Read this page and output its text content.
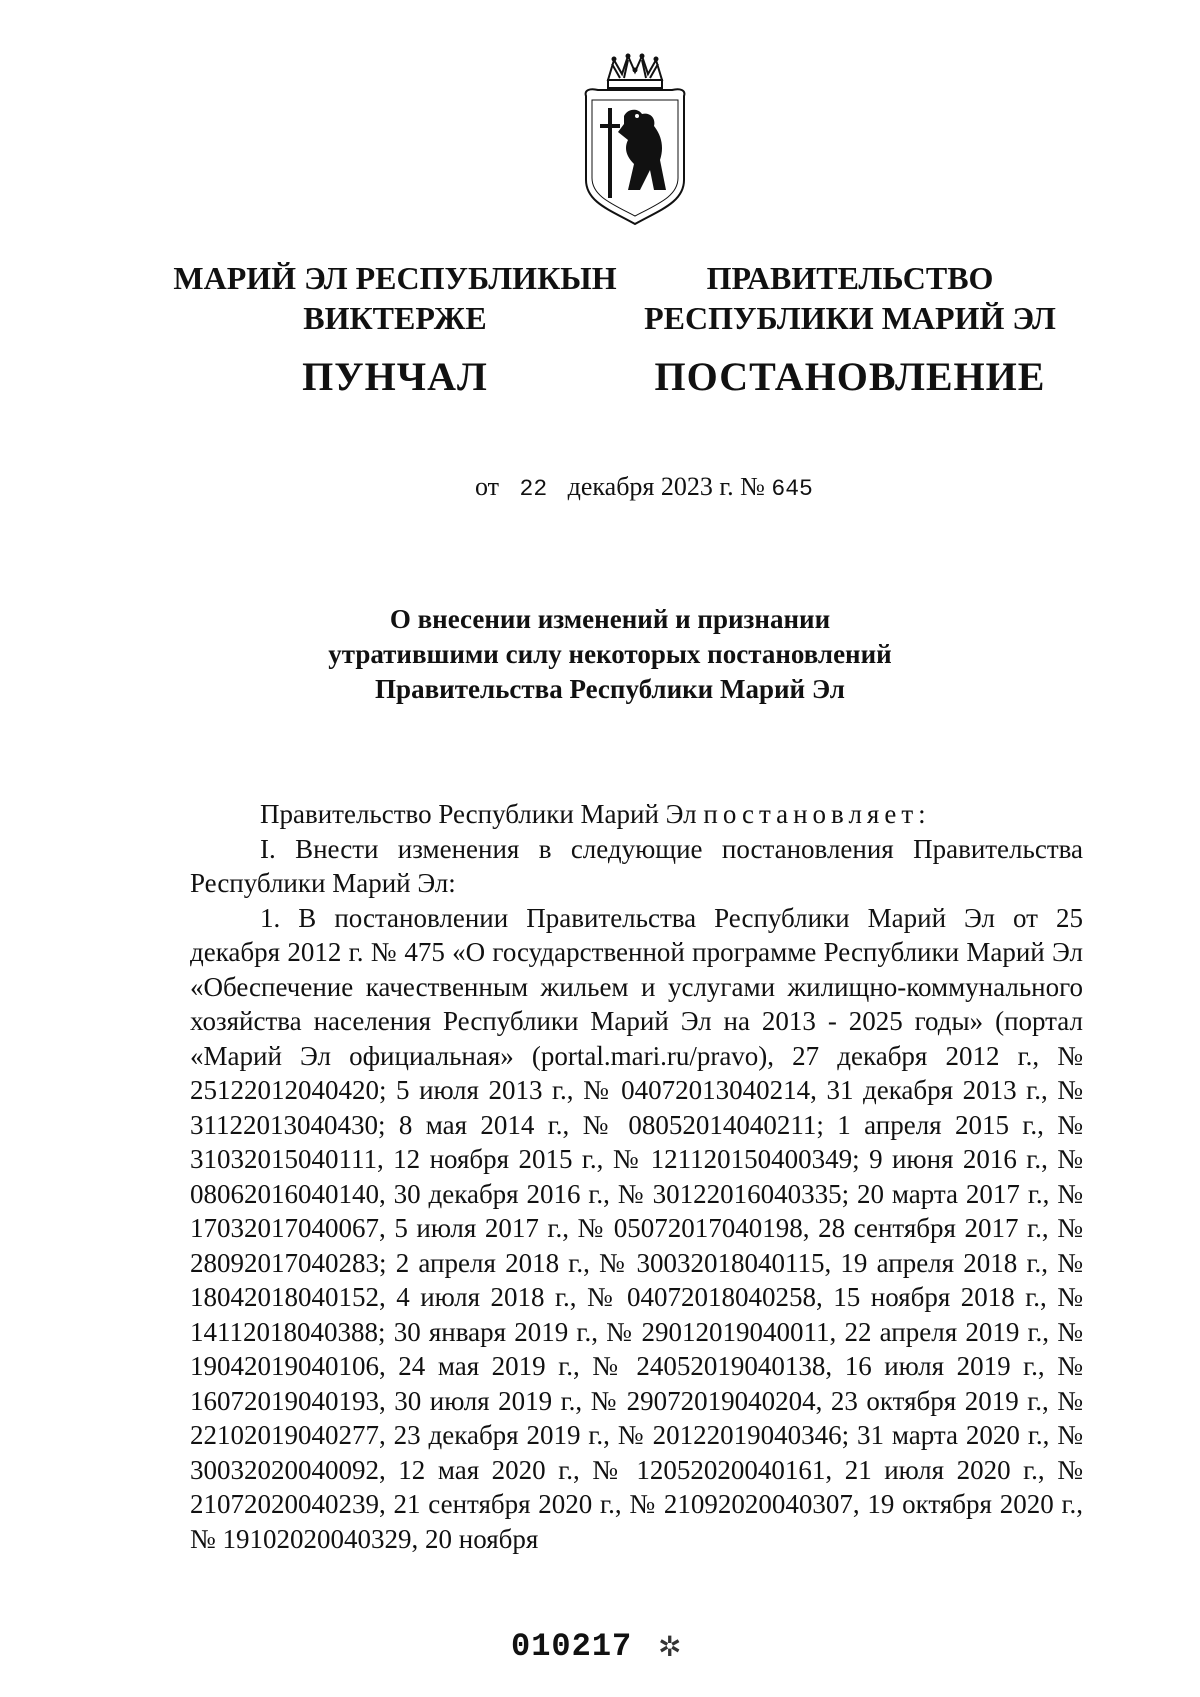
МАРИЙ ЭЛ РЕСПУБЛИКЫН
ВИКТЕРЖЕ
ПУНЧАЛ
ПРАВИТЕЛЬСТВО
РЕСПУБЛИКИ МАРИЙ ЭЛ
ПОСТАНОВЛЕНИЕ
от 22 декабря 2023 г. № 645
О внесении изменений и признании
утратившими силу некоторых постановлений
Правительства Республики Марий Эл

Правительство Республики Марий Эл постановляет:

I. Внести изменения в следующие постановления Правительства Республики Марий Эл:

1. В постановлении Правительства Республики Марий Эл от 25 декабря 2012 г. № 475 «О государственной программе Республики Марий Эл «Обеспечение качественным жильем и услугами жилищно-коммунального хозяйства населения Республики Марий Эл на 2013 - 2025 годы» (портал «Марий Эл официальная» (portal.mari.ru/pravo), 27 декабря 2012 г., № 25122012040420; 5 июля 2013 г., № 04072013040214, 31 декабря 2013 г., № 31122013040430; 8 мая 2014 г., № 08052014040211; 1 апреля 2015 г., № 31032015040111, 12 ноября 2015 г., № 121120150400349; 9 июня 2016 г., № 08062016040140, 30 декабря 2016 г., № 30122016040335; 20 марта 2017 г., № 17032017040067, 5 июля 2017 г., № 05072017040198, 28 сентября 2017 г., № 28092017040283; 2 апреля 2018 г., № 30032018040115, 19 апреля 2018 г., № 18042018040152, 4 июля 2018 г., № 04072018040258, 15 ноября 2018 г., № 14112018040388; 30 января 2019 г., № 29012019040011, 22 апреля 2019 г., № 19042019040106, 24 мая 2019 г., № 24052019040138, 16 июля 2019 г., № 16072019040193, 30 июля 2019 г., № 29072019040204, 23 октября 2019 г., № 22102019040277, 23 декабря 2019 г., № 20122019040346; 31 марта 2020 г., № 30032020040092, 12 мая 2020 г., № 12052020040161, 21 июля 2020 г., № 21072020040239, 21 сентября 2020 г., № 21092020040307, 19 октября 2020 г., № 19102020040329, 20 ноября

010217 ✲
